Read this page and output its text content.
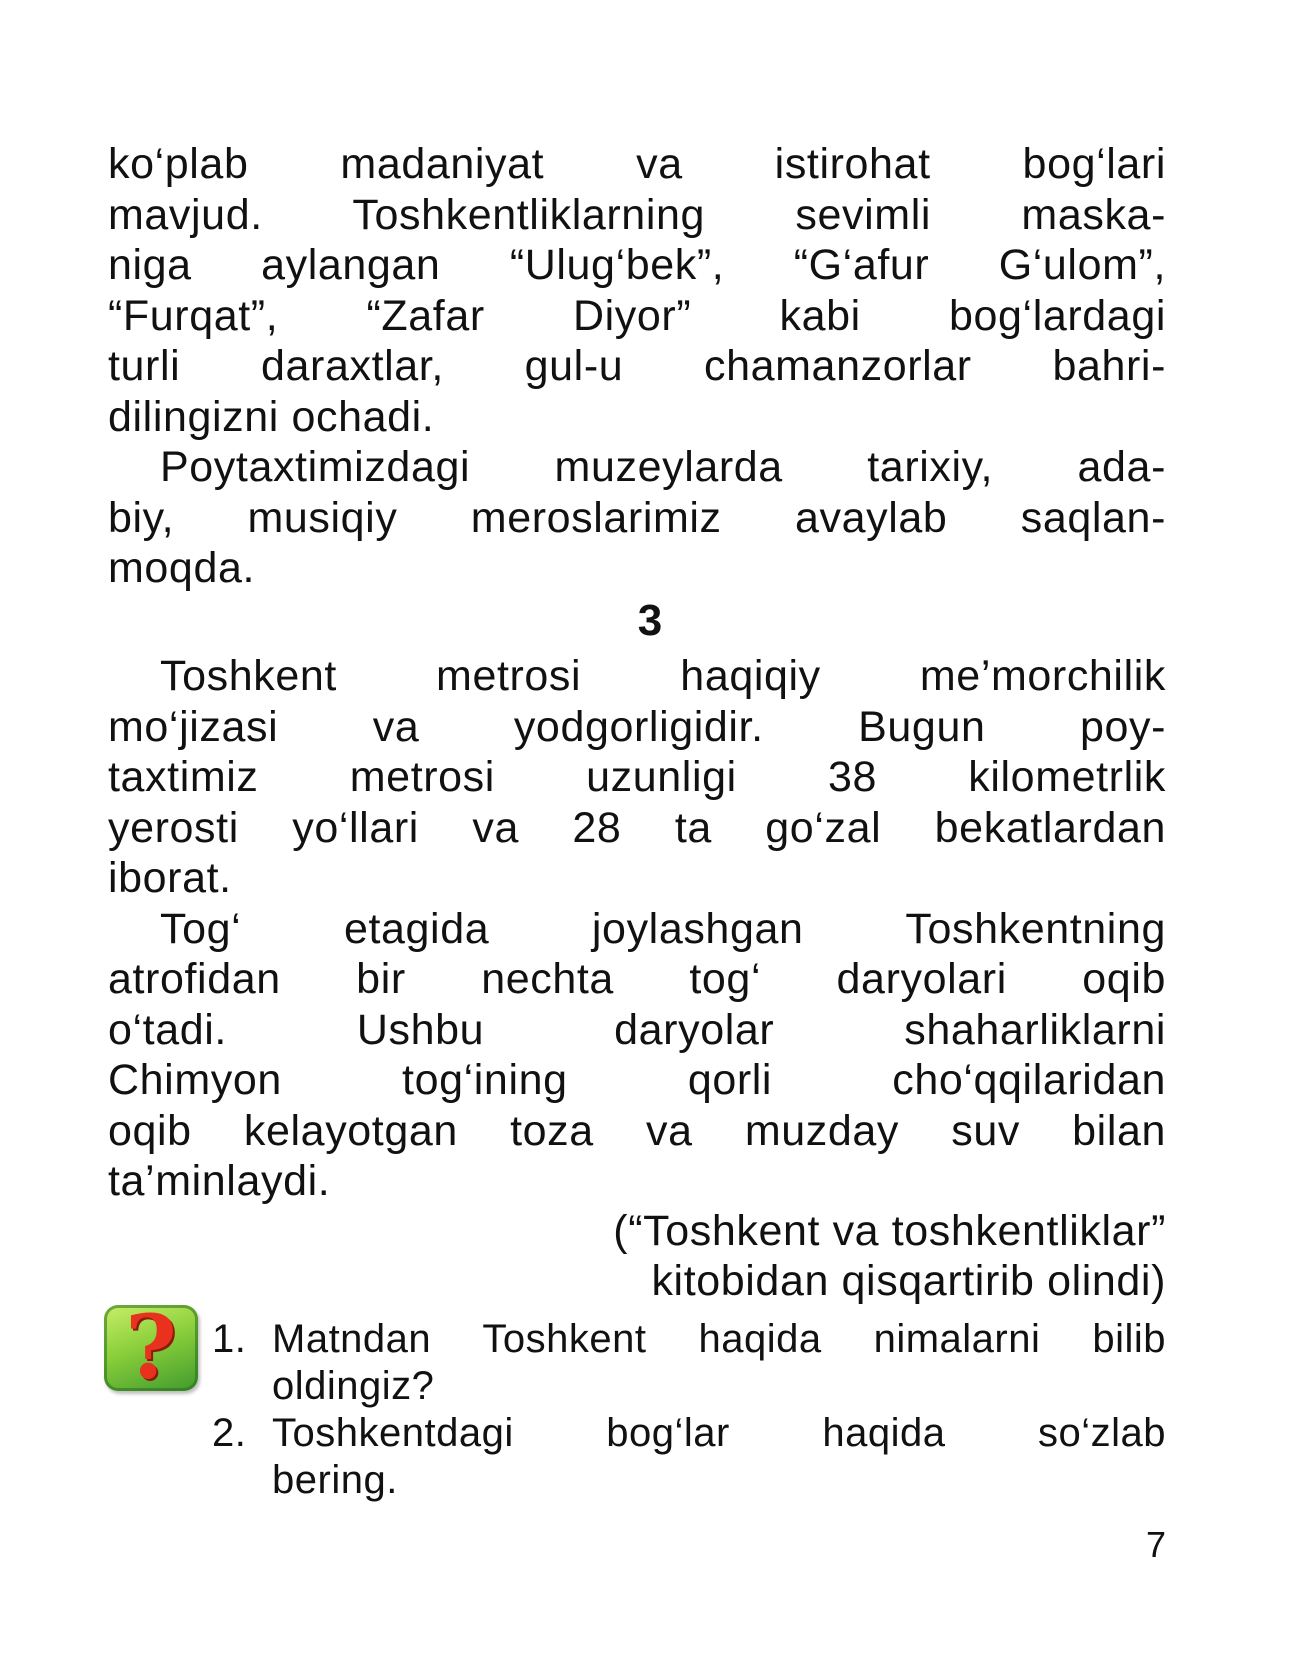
ko‘plab madaniyat va istirohat bog‘lari
mavjud. Toshkentliklarning sevimli maska-
niga aylangan “Ulug‘bek”, “G‘afur G‘ulom”,
“Furqat”, “Zafar Diyor” kabi bog‘lardagi
turli daraxtlar, gul-u chamanzorlar bahri-
dilingizni ochadi.
Poytaxtimizdagi muzeylarda tarixiy, ada-
biy, musiqiy meroslarimiz avaylab saqlan-
moqda.
3
Toshkent metrosi haqiqiy me’morchilik
mo‘jizasi va yodgorligidir. Bugun poy-
taxtimiz metrosi uzunligi 38 kilometrlik
yerosti yo‘llari va 28 ta go‘zal bekatlardan
iborat.
Tog‘ etagida joylashgan Toshkentning
atrofidan bir nechta tog‘ daryolari oqib
o‘tadi. Ushbu daryolar shaharliklarni
Chimyon tog‘ining qorli cho‘qqilaridan
oqib kelayotgan toza va muzday suv bilan
ta’minlaydi.
(“Toshkent va toshkentliklar”
kitobidan qisqartirib olindi)
? 1. Matndan Toshkent haqida nimalarni bilib
oldingiz?
2. Toshkentdagi bog‘lar haqida so‘zlab
bering.
7
